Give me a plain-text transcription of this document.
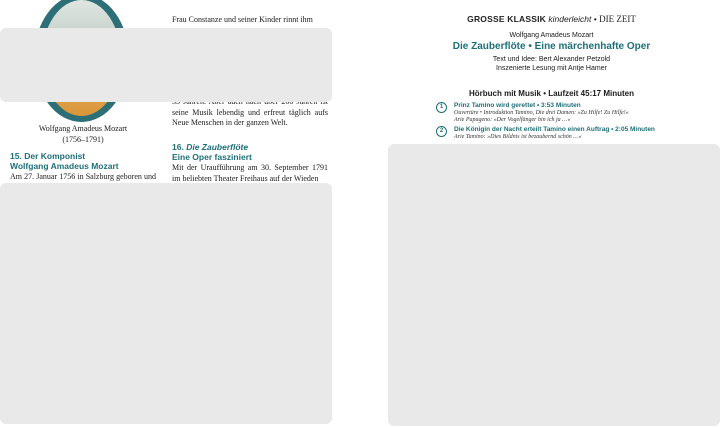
Wolfgang Amadeus Mozart
(1756–1791)
15. Der Komponist
Wolfgang Amadeus Mozart
Am 27. Januar 1756 in Salzburg geboren und
Frau Constanze und seiner Kinder rinnt ihm
seine Musik lebendig und erfreut täglich aufs Neue Menschen in der ganzen Welt.
16. Die Zauberflöte
Eine Oper fasziniert
Mit der Uraufführung am 30. September 1791 im beliebten Theater Freihaus auf der Wieden
GROSSE KLASSIK kinderleicht • DIE ZEIT
Wolfgang Amadeus Mozart
Die Zauberflöte • Eine märchenhafte Oper
Text und Idee: Bert Alexander Petzold
Inszenierte Lesung mit Antje Hamer
Hörbuch mit Musik • Laufzeit 45:17 Minuten
1	Prinz Tamino wird gerettet • 3:53 Minuten
Ouvertüre • Introduktion Tamino, Die drei Damen: »Zu Hilfe! Zu Hilfe!«
Arie Papageno: »Der Vogelfänger bin ich ja …«
2	Die Königin der Nacht erteilt Tamino einen Auftrag • 2:05 Minuten
Arie Tamino: »Dies Bildnis ist bezaubernd schön …«
